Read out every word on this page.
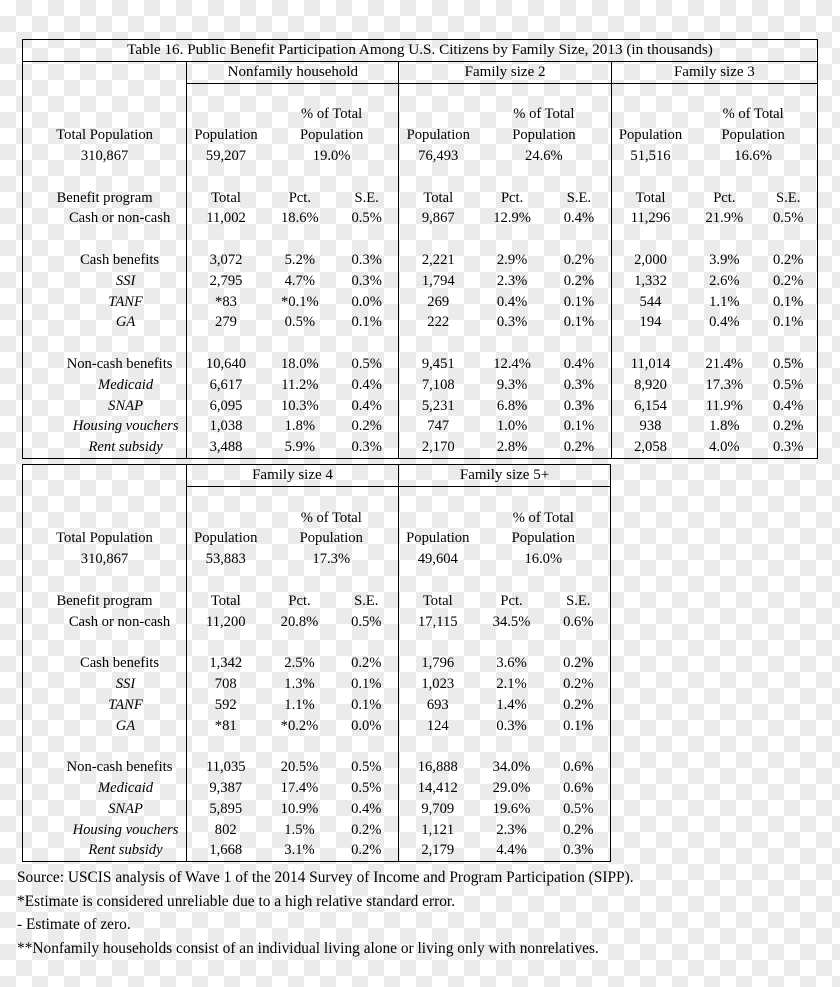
Table 16. Public Benefit Participation Among U.S. Citizens by Family Size, 2013 (in thousands)									
	Nonfamily household			Family size 2			Family size 3		

		% of Total			% of Total			% of Total	
Total Population	Population	Population		Population	Population		Population	Population	
310,867	59,207	19.0%		76,493	24.6%		51,516	16.6%	

Benefit program	Total	Pct.	S.E.	Total	Pct.	S.E.	Total	Pct.	S.E.
Cash or non-cash	11,002	18.6%	0.5%	9,867	12.9%	0.4%	11,296	21.9%	0.5%

Cash benefits	3,072	5.2%	0.3%	2,221	2.9%	0.2%	2,000	3.9%	0.2%
SSI	2,795	4.7%	0.3%	1,794	2.3%	0.2%	1,332	2.6%	0.2%
TANF	*83	*0.1%	0.0%	269	0.4%	0.1%	544	1.1%	0.1%
GA	279	0.5%	0.1%	222	0.3%	0.1%	194	0.4%	0.1%

Non-cash benefits	10,640	18.0%	0.5%	9,451	12.4%	0.4%	11,014	21.4%	0.5%
Medicaid	6,617	11.2%	0.4%	7,108	9.3%	0.3%	8,920	17.3%	0.5%
SNAP	6,095	10.3%	0.4%	5,231	6.8%	0.3%	6,154	11.9%	0.4%
Housing vouchers	1,038	1.8%	0.2%	747	1.0%	0.1%	938	1.8%	0.2%
Rent subsidy	3,488	5.9%	0.3%	2,170	2.8%	0.2%	2,058	4.0%	0.3%
	Family size 4			Family size 5+		

		% of Total			% of Total	
Total Population	Population	Population		Population	Population	
310,867	53,883	17.3%		49,604	16.0%	

Benefit program	Total	Pct.	S.E.	Total	Pct.	S.E.
Cash or non-cash	11,200	20.8%	0.5%	17,115	34.5%	0.6%

Cash benefits	1,342	2.5%	0.2%	1,796	3.6%	0.2%
SSI	708	1.3%	0.1%	1,023	2.1%	0.2%
TANF	592	1.1%	0.1%	693	1.4%	0.2%
GA	*81	*0.2%	0.0%	124	0.3%	0.1%

Non-cash benefits	11,035	20.5%	0.5%	16,888	34.0%	0.6%
Medicaid	9,387	17.4%	0.5%	14,412	29.0%	0.6%
SNAP	5,895	10.9%	0.4%	9,709	19.6%	0.5%
Housing vouchers	802	1.5%	0.2%	1,121	2.3%	0.2%
Rent subsidy	1,668	3.1%	0.2%	2,179	4.4%	0.3%
Source: USCIS analysis of Wave 1 of the 2014 Survey of Income and Program Participation (SIPP).
*Estimate is considered unreliable due to a high relative standard error.
- Estimate of zero.
**Nonfamily households consist of an individual living alone or living only with nonrelatives.
